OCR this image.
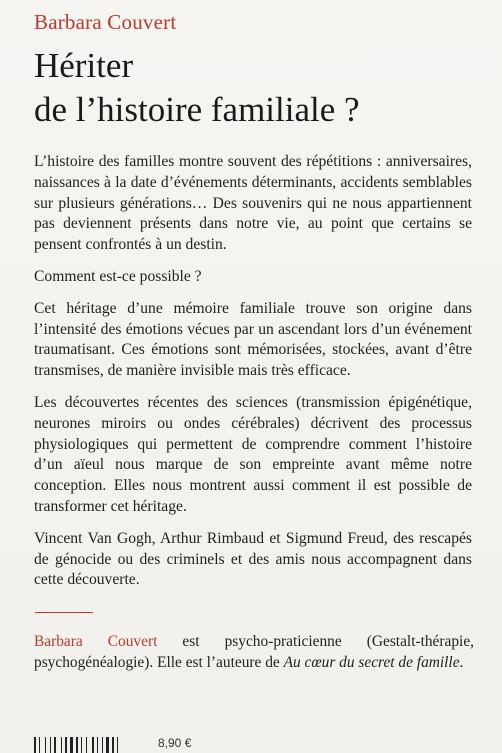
Barbara Couvert
Hériter
de l’histoire familiale ?

L’histoire des familles montre souvent des répétitions : anniversaires, naissances à la date d’événements déterminants, accidents semblables sur plusieurs générations… Des souvenirs qui ne nous appartiennent pas deviennent présents dans notre vie, au point que certains se pensent confrontés à un destin.

Comment est-ce possible ?

Cet héritage d’une mémoire familiale trouve son origine dans l’intensité des émotions vécues par un ascendant lors d’un événement traumatisant. Ces émotions sont mémorisées, stockées, avant d’être transmises, de manière invisible mais très efficace.

Les découvertes récentes des sciences (transmission épigénétique, neurones miroirs ou ondes cérébrales) décrivent des processus physiologiques qui permettent de comprendre comment l’histoire d’un aïeul nous marque de son empreinte avant même notre conception. Elles nous montrent aussi comment il est possible de transformer cet héritage.

Vincent Van Gogh, Arthur Rimbaud et Sigmund Freud, des rescapés de génocide ou des criminels et des amis nous accompagnent dans cette découverte.

Barbara Couvert est psycho-praticienne (Gestalt-thérapie, psychogénéalogie). Elle est l’auteure de Au cœur du secret de famille.

8,90 €
